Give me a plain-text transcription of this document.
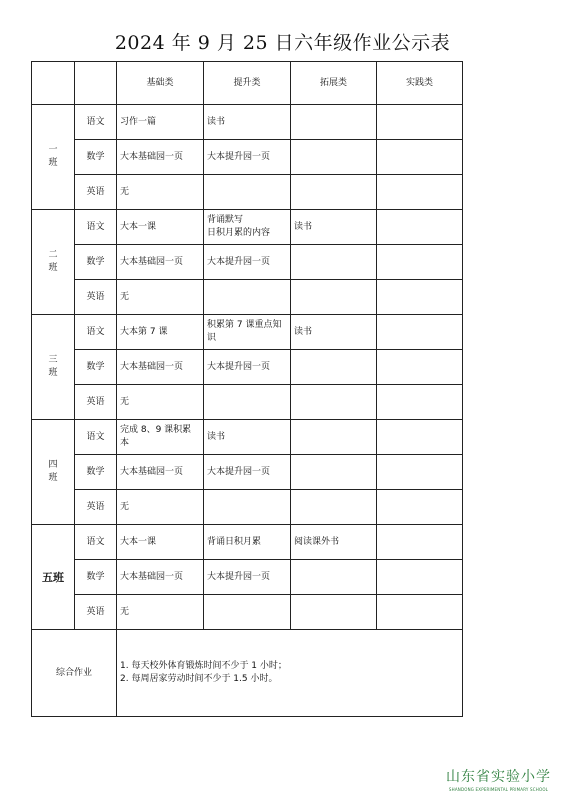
2024 年 9 月 25 日六年级作业公示表
		基础类	提升类	拓展类	实践类
一
班	语文	习作一篇	读书		
	数学	大本基础园一页	大本提升园一页		
	英语	无			
二
班	语文	大本一课	背诵默写
日积月累的内容	读书	
	数学	大本基础园一页	大本提升园一页		
	英语	无			
三
班	语文	大本第 7 课	积累第 7 课重点知识	读书	
	数学	大本基础园一页	大本提升园一页		
	英语	无			
四
班	语文	完成 8、9 课积累本	读书		
	数学	大本基础园一页	大本提升园一页		
	英语	无			
五班	语文	大本一课	背诵日积月累	阅读课外书	
	数学	大本基础园一页	大本提升园一页		
	英语	无			
综合作业		1. 每天校外体育锻炼时间不少于 1 小时；
2. 每周居家劳动时间不少于 1.5 小时。			
山东省实验小学
SHANDONG EXPERIMENTAL PRIMARY SCHOOL
